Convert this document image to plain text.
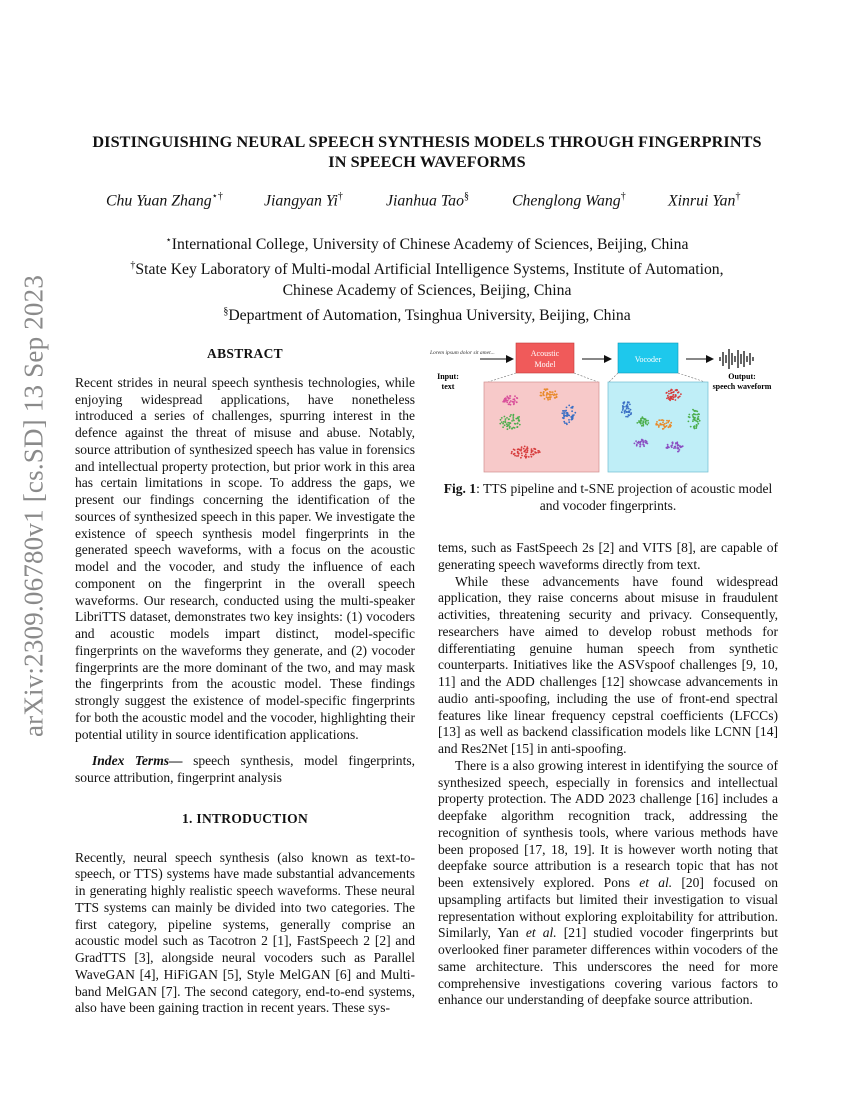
arXiv:2309.06780v1 [cs.SD] 13 Sep 2023
DISTINGUISHING NEURAL SPEECH SYNTHESIS MODELS THROUGH FINGERPRINTS
IN SPEECH WAVEFORMS
Chu Yuan Zhang⋆†	Jiangyan Yi†	Jianhua Tao§	Chenglong Wang†	Xinrui Yan†
⋆International College, University of Chinese Academy of Sciences, Beijing, China
†State Key Laboratory of Multi-modal Artificial Intelligence Systems, Institute of Automation,
Chinese Academy of Sciences, Beijing, China
§Department of Automation, Tsinghua University, Beijing, China
ABSTRACT

Recent strides in neural speech synthesis technologies, while enjoying widespread applications, have nonetheless introduced a series of challenges, spurring interest in the defence against the threat of misuse and abuse. Notably, source attribution of synthesized speech has value in forensics and intellectual property protection, but prior work in this area has certain limitations in scope. To address the gaps, we present our findings concerning the identification of the sources of synthesized speech in this paper. We investigate the existence of speech synthesis model fingerprints in the generated speech waveforms, with a focus on the acoustic model and the vocoder, and study the influence of each component on the fingerprint in the overall speech waveforms. Our research, conducted using the multi-speaker LibriTTS dataset, demonstrates two key insights: (1) vocoders and acoustic models impart distinct, model-specific fingerprints on the waveforms they generate, and (2) vocoder fingerprints are the more dominant of the two, and may mask the fingerprints from the acoustic model. These findings strongly suggest the existence of model-specific fingerprints for both the acoustic model and the vocoder, highlighting their potential utility in source identification applications.

Index Terms— speech synthesis, model fingerprints, source attribution, fingerprint analysis

1. INTRODUCTION

Recently, neural speech synthesis (also known as text-to-speech, or TTS) systems have made substantial advancements in generating highly realistic speech waveforms. These neural TTS systems can mainly be divided into two categories. The first category, pipeline systems, generally comprise an acoustic model such as Tacotron 2 [1], FastSpeech 2 [2] and GradTTS [3], alongside neural vocoders such as Parallel WaveGAN [4], HiFiGAN [5], Style MelGAN [6] and Multi-band MelGAN [7]. The second category, end-to-end systems, also have been gaining traction in recent years. These sys-

Lorem ipsum dolor sit amet...
Input:
text
Acoustic
Model
Vocoder
Output:
speech waveform
Fig. 1: TTS pipeline and t-SNE projection of acoustic model and vocoder fingerprints.

tems, such as FastSpeech 2s [2] and VITS [8], are capable of generating speech waveforms directly from text.

While these advancements have found widespread application, they raise concerns about misuse in fraudulent activities, threatening security and privacy. Consequently, researchers have aimed to develop robust methods for differentiating genuine human speech from synthetic counterparts. Initiatives like the ASVspoof challenges [9, 10, 11] and the ADD challenges [12] showcase advancements in audio anti-spoofing, including the use of front-end spectral features like linear frequency cepstral coefficients (LFCCs) [13] as well as backend classification models like LCNN [14] and Res2Net [15] in anti-spoofing.

There is a also growing interest in identifying the source of synthesized speech, especially in forensics and intellectual property protection. The ADD 2023 challenge [16] includes a deepfake algorithm recognition track, addressing the recognition of synthesis tools, where various methods have been proposed [17, 18, 19]. It is however worth noting that deepfake source attribution is a research topic that has not been extensively explored. Pons et al. [20] focused on upsampling artifacts but limited their investigation to visual representation without exploring exploitability for attribution. Similarly, Yan et al. [21] studied vocoder fingerprints but overlooked finer parameter differences within vocoders of the same architecture. This underscores the need for more comprehensive investigations covering various factors to enhance our understanding of deepfake source attribution.
